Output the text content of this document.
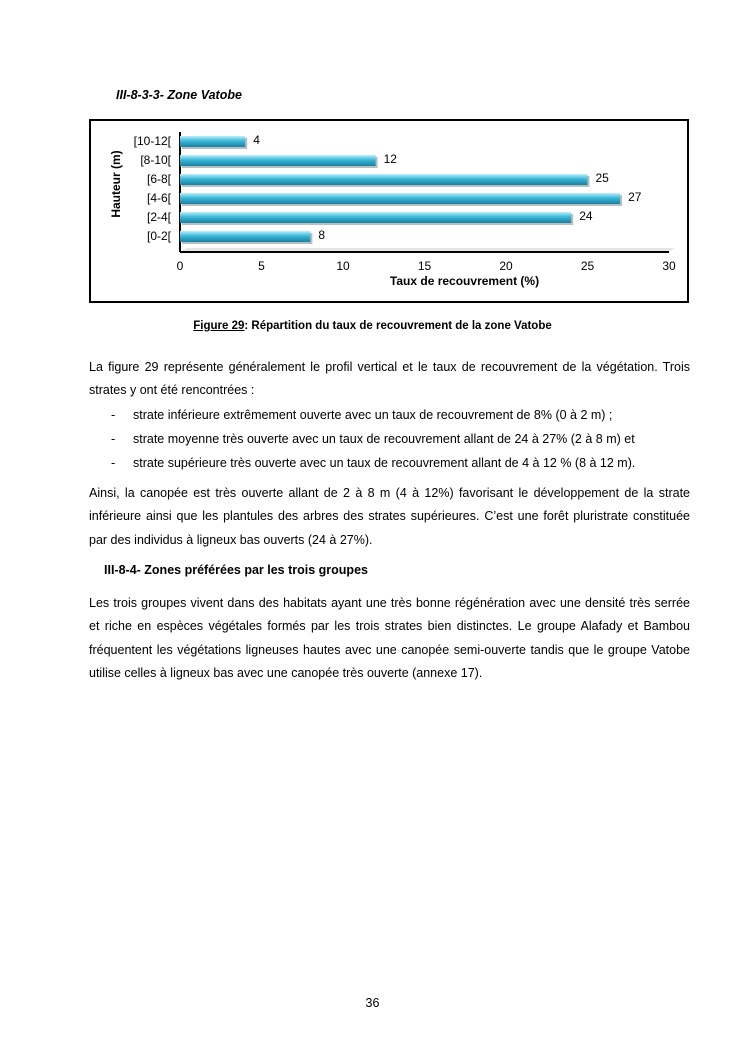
III-8-3-3- Zone Vatobe
4
[10-12[
12
[8-10[
25
[6-8[
27
[4-6[
24
[2-4[
8
[0-2[
0	5	10	15	20	25	30
Taux de recouvrement (%)
Hauteur (m)
Figure 29: Répartition du taux de recouvrement de la zone Vatobe

La figure 29 représente généralement le profil vertical et le taux de recouvrement de la végétation. Trois strates y ont été rencontrées :

-	strate inférieure extrêmement ouverte avec un taux de recouvrement de 8% (0 à 2 m) ;
-	strate moyenne très ouverte avec un taux de recouvrement allant de 24 à 27% (2 à 8 m) et
-	strate supérieure très ouverte avec un taux de recouvrement allant de 4 à 12 % (8 à 12 m).

Ainsi, la canopée est très ouverte allant de 2 à 8 m (4 à 12%) favorisant le développement de la strate inférieure ainsi que les plantules des arbres des strates supérieures. C’est une forêt pluristrate constituée par des individus à ligneux bas ouverts (24 à 27%).

III-8-4- Zones préférées par les trois groupes

Les trois groupes vivent dans des habitats ayant une très bonne régénération avec une densité très serrée et riche en espèces végétales formés par les trois strates bien distinctes. Le groupe Alafady et Bambou fréquentent les végétations ligneuses hautes avec une canopée semi-ouverte tandis que le groupe Vatobe utilise celles à ligneux bas avec une canopée très ouverte (annexe 17).

36
